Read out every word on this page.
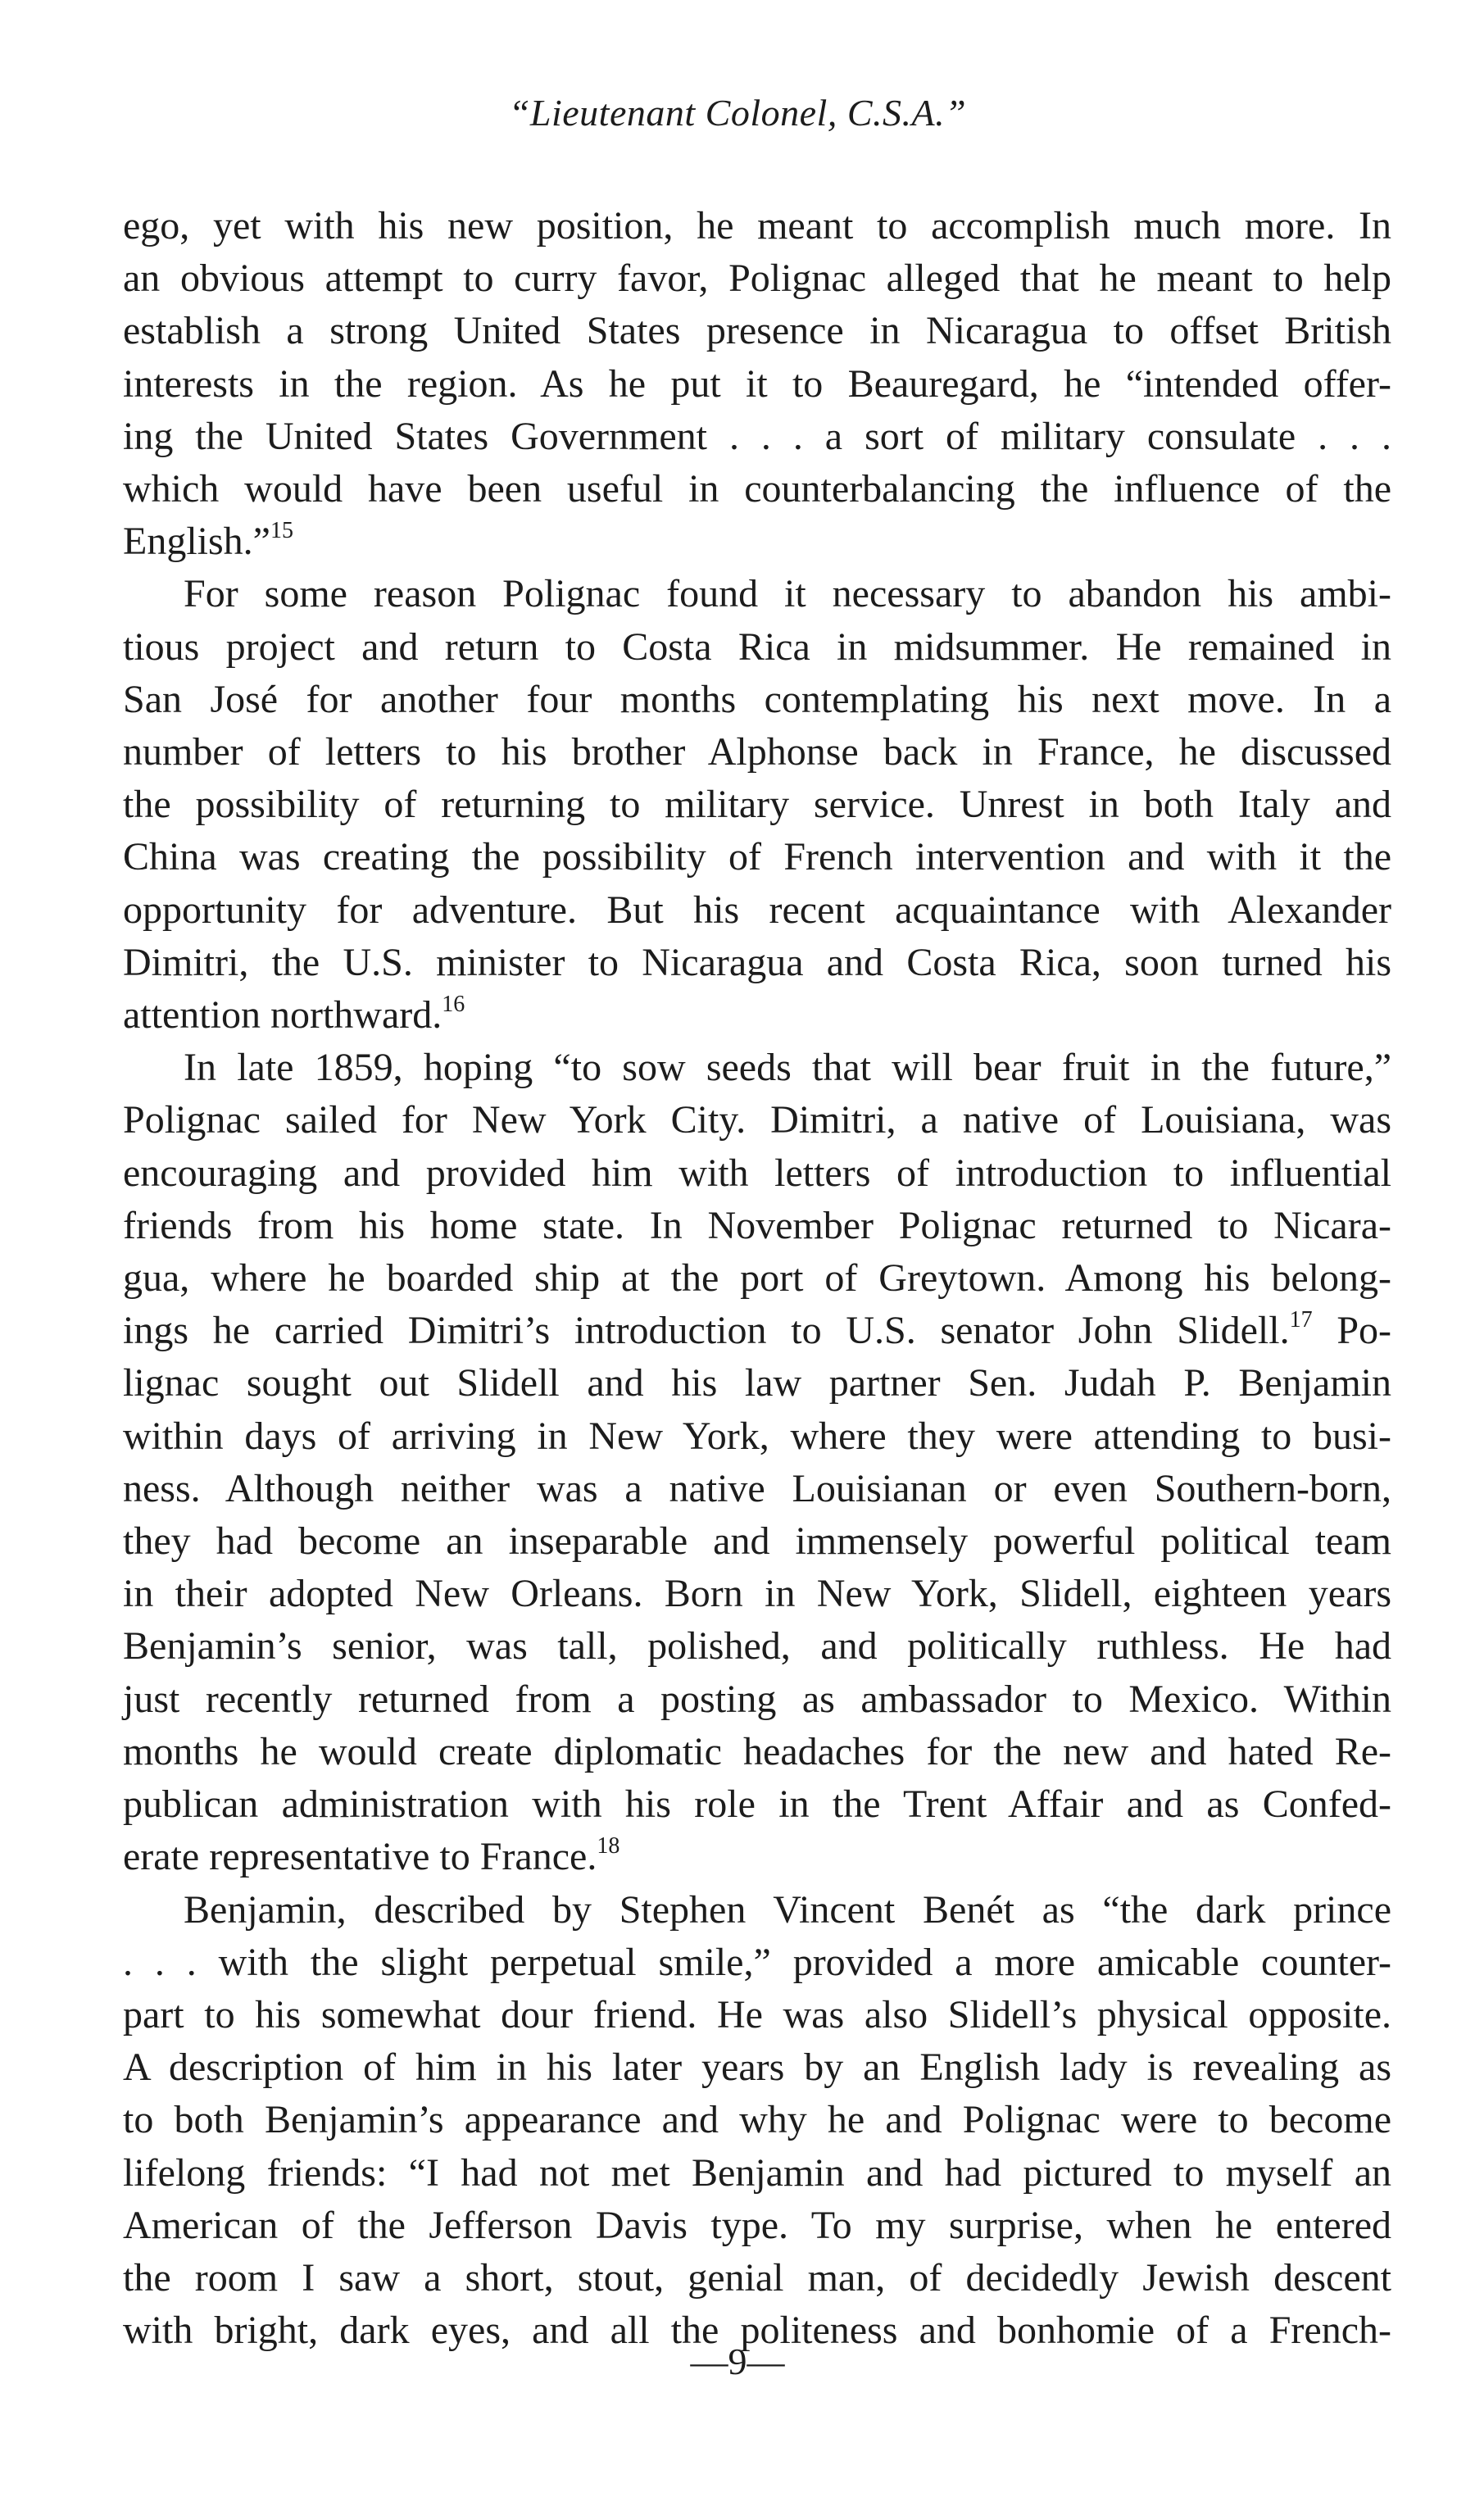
“Lieutenant Colonel, C.S.A.”
ego, yet with his new position, he meant to accomplish much more. In
an obvious attempt to curry favor, Polignac alleged that he meant to help
establish a strong United States presence in Nicaragua to offset British
interests in the region. As he put it to Beauregard, he “intended offer-
ing the United States Government . . . a sort of military consulate . . .
which would have been useful in counterbalancing the influence of the
English.”$^{15}$
For some reason Polignac found it necessary to abandon his ambi-
tious project and return to Costa Rica in midsummer. He remained in
San José for another four months contemplating his next move. In a
number of letters to his brother Alphonse back in France, he discussed
the possibility of returning to military service. Unrest in both Italy and
China was creating the possibility of French intervention and with it the
opportunity for adventure. But his recent acquaintance with Alexander
Dimitri, the U.S. minister to Nicaragua and Costa Rica, soon turned his
attention northward.$^{16}$
In late 1859, hoping “to sow seeds that will bear fruit in the future,”
Polignac sailed for New York City. Dimitri, a native of Louisiana, was
encouraging and provided him with letters of introduction to influential
friends from his home state. In November Polignac returned to Nicara-
gua, where he boarded ship at the port of Greytown. Among his belong-
ings he carried Dimitri’s introduction to U.S. senator John Slidell.$^{17}$ Po-
lignac sought out Slidell and his law partner Sen. Judah P. Benjamin
within days of arriving in New York, where they were attending to busi-
ness. Although neither was a native Louisianan or even Southern-born,
they had become an inseparable and immensely powerful political team
in their adopted New Orleans. Born in New York, Slidell, eighteen years
Benjamin’s senior, was tall, polished, and politically ruthless. He had
just recently returned from a posting as ambassador to Mexico. Within
months he would create diplomatic headaches for the new and hated Re-
publican administration with his role in the Trent Affair and as Confed-
erate representative to France.$^{18}$
Benjamin, described by Stephen Vincent Benét as “the dark prince
. . . with the slight perpetual smile,” provided a more amicable counter-
part to his somewhat dour friend. He was also Slidell’s physical opposite.
A description of him in his later years by an English lady is revealing as
to both Benjamin’s appearance and why he and Polignac were to become
lifelong friends: “I had not met Benjamin and had pictured to myself an
American of the Jefferson Davis type. To my surprise, when he entered
the room I saw a short, stout, genial man, of decidedly Jewish descent
with bright, dark eyes, and all the politeness and bonhomie of a French-
—9—
